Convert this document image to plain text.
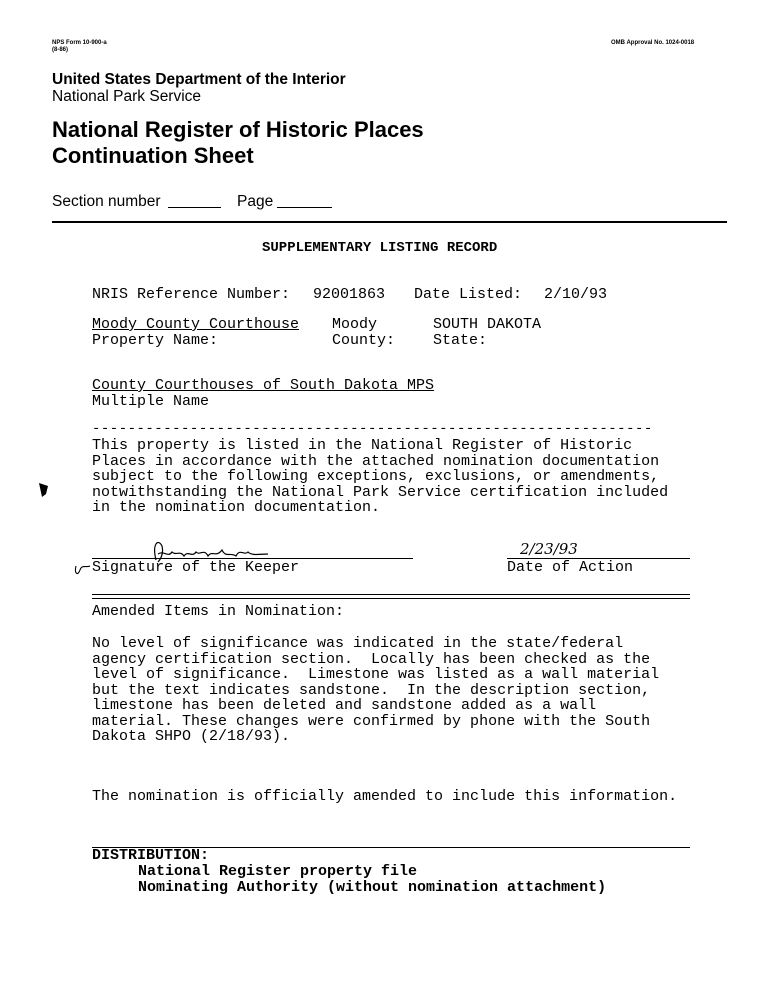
NPS Form 10-900-a
(8-86)
OMB Approval No. 1024-0018
United States Department of the Interior
National Park Service
National Register of Historic Places
Continuation Sheet
Section number	Page
SUPPLEMENTARY LISTING RECORD
NRIS Reference Number: 92001863 Date Listed: 2/10/93
Moody County Courthouse
Property Name:
Moody
County:
SOUTH DAKOTA
State:
County Courthouses of South Dakota MPS
Multiple Name
---------------------------------------------------------------
This property is listed in the National Register of Historic
Places in accordance with the attached nomination documentation
subject to the following exceptions, exclusions, or amendments,
notwithstanding the National Park Service certification included
in the nomination documentation.
2/23/93
Signature of the Keeper	Date of Action
Amended Items in Nomination:
No level of significance was indicated in the state/federal
agency certification section.  Locally has been checked as the
level of significance.  Limestone was listed as a wall material
but the text indicates sandstone.  In the description section,
limestone has been deleted and sandstone added as a wall
material. These changes were confirmed by phone with the South
Dakota SHPO (2/18/93).
The nomination is officially amended to include this information.
DISTRIBUTION:
National Register property file
Nominating Authority (without nomination attachment)
